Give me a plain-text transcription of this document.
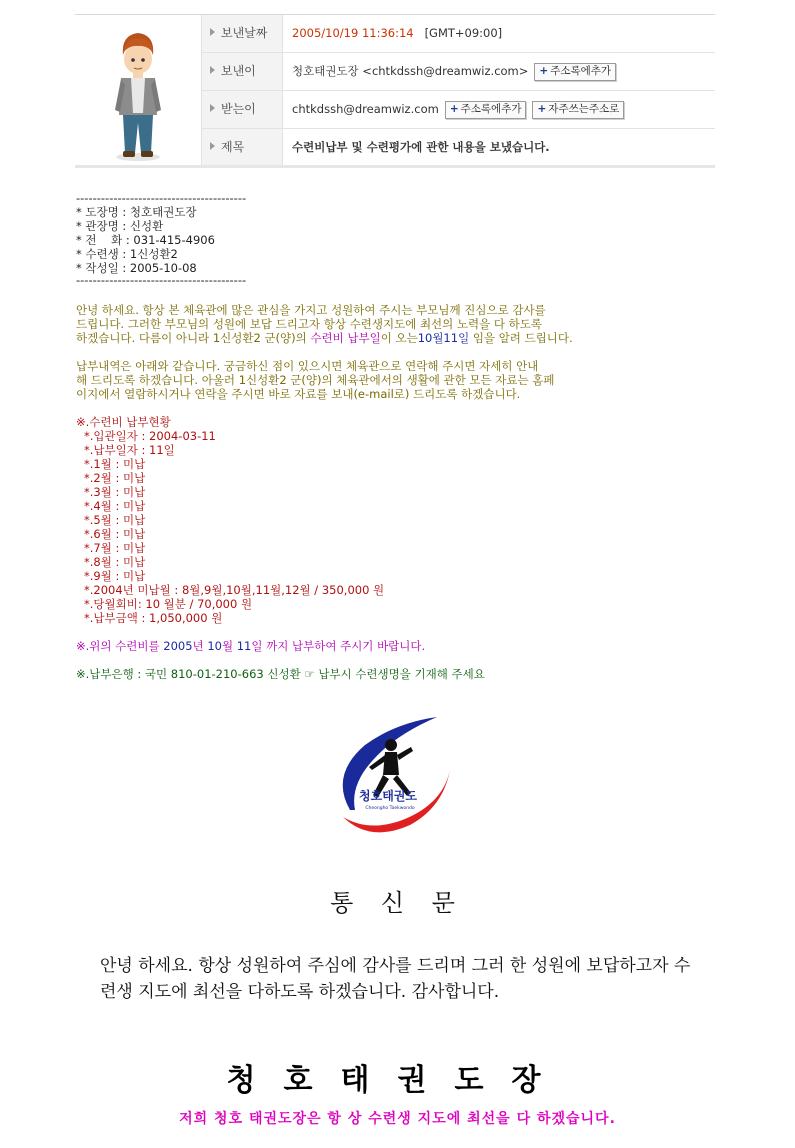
보낸날짜	2005/10/19 11:36:14 [GMT+09:00]
보낸이	청호태권도장 <chtkdssh@dreamwiz.com> + 주소록에추가
받는이	chtkdssh@dreamwiz.com + 주소록에추가 + 자주쓰는주소로
제목	수련비납부 및 수련평가에 관한 내용을 보냈습니다.
-----------------------------------------
* 도장명 : 청호태권도장
* 관장명 : 신성환
* 전    화 : 031-415-4906
* 수련생 : 1신성환2
* 작성일 : 2005-10-08
-----------------------------------------
안녕 하세요. 항상 본 체육관에 많은 관심을 가지고 성원하여 주시는 부모님께 진심으로 감사를
드립니다. 그러한 부모님의 성원에 보답 드리고자 항상 수련생지도에 최선의 노력을 다 하도록
하겠습니다. 다름이 아니라 1신성환2 군(양)의 수련비 납부일이 오는10월11일 임을 알려 드립니다.
납부내역은 아래와 같습니다. 궁금하신 점이 있으시면 체육관으로 연락해 주시면 자세히 안내
해 드리도록 하겠습니다. 아울러 1신성환2 군(양)의 체육관에서의 생활에 관한 모든 자료는 홈페
이지에서 열람하시거나 연락을 주시면 바로 자료를 보내(e-mail로) 드리도록 하겠습니다.
※.수련비 납부현황
*.입관일자 : 2004-03-11
*.납부일자 : 11일
*.1월 : 미납
*.2월 : 미납
*.3월 : 미납
*.4월 : 미납
*.5월 : 미납
*.6월 : 미납
*.7월 : 미납
*.8월 : 미납
*.9월 : 미납
*.2004년 미납월 : 8월,9월,10월,11월,12월 / 350,000 원
*.당월회비: 10 월분 / 70,000 원
*.납부금액 : 1,050,000 원
※.위의 수련비를 2005년 10월 11일 까지 납부하여 주시기 바랍니다.
※.납부은행 : 국민 810-01-210-663 신성환 ☞ 납부시 수련생명을 기재해 주세요
청호태권도
Cheongho Taekwondo
통 신 문
안녕 하세요. 항상 성원하여 주심에 감사를 드리며 그러 한 성원에 보답하고자 수련생 지도에 최선을 다하도록 하겠습니다. 감사합니다.
청호태권도장
저희 청호 태권도장은 항 상 수련생 지도에 최선을 다 하겠습니다.
